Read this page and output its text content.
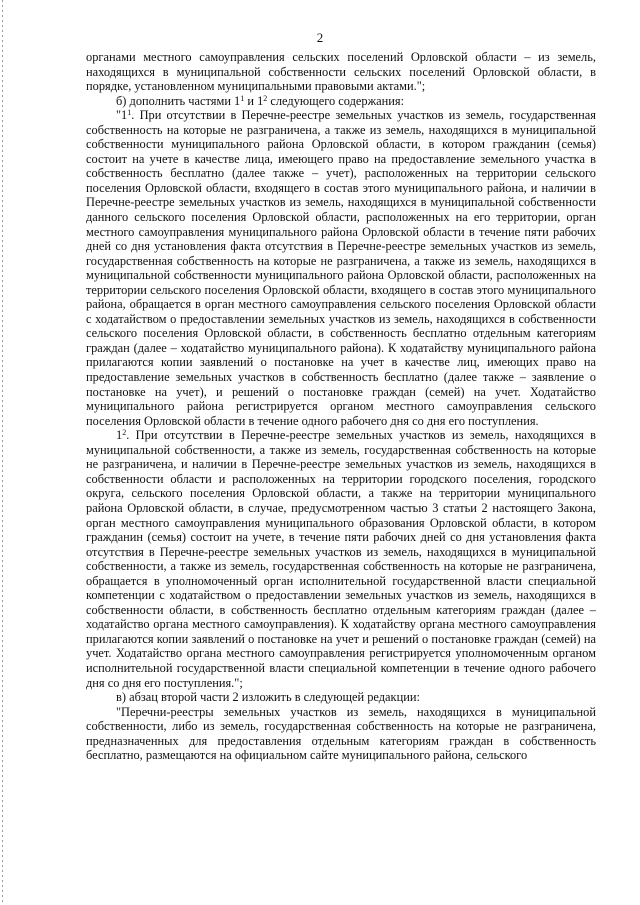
2

органами местного самоуправления сельских поселений Орловской области – из земель, находящихся в муниципальной собственности сельских поселений Орловской области, в порядке, установленном муниципальными правовыми актами.";

б) дополнить частями $1^1$ и $1^2$ следующего содержания:

"$1^1$. При отсутствии в Перечне-реестре земельных участков из земель, государственная собственность на которые не разграничена, а также из земель, находящихся в муниципальной собственности муниципального района Орловской области, в котором гражданин (семья) состоит на учете в качестве лица, имеющего право на предоставление земельного участка в собственность бесплатно (далее также – учет), расположенных на территории сельского поселения Орловской области, входящего в состав этого муниципального района, и наличии в Перечне-реестре земельных участков из земель, находящихся в муниципальной собственности данного сельского поселения Орловской области, расположенных на его территории, орган местного самоуправления муниципального района Орловской области в течение пяти рабочих дней со дня установления факта отсутствия в Перечне-реестре земельных участков из земель, государственная собственность на которые не разграничена, а также из земель, находящихся в муниципальной собственности муниципального района Орловской области, расположенных на территории сельского поселения Орловской области, входящего в состав этого муниципального района, обращается в орган местного самоуправления сельского поселения Орловской области с ходатайством о предоставлении земельных участков из земель, находящихся в собственности сельского поселения Орловской области, в собственность бесплатно отдельным категориям граждан (далее – ходатайство муниципального района). К ходатайству муниципального района прилагаются копии заявлений о постановке на учет в качестве лиц, имеющих право на предоставление земельных участков в собственность бесплатно (далее также – заявление о постановке на учет), и решений о постановке граждан (семей) на учет. Ходатайство муниципального района регистрируется органом местного самоуправления сельского поселения Орловской области в течение одного рабочего дня со дня его поступления.

$1^2$. При отсутствии в Перечне-реестре земельных участков из земель, находящихся в муниципальной собственности, а также из земель, государственная собственность на которые не разграничена, и наличии в Перечне-реестре земельных участков из земель, находящихся в собственности области и расположенных на территории городского поселения, городского округа, сельского поселения Орловской области, а также на территории муниципального района Орловской области, в случае, предусмотренном частью 3 статьи 2 настоящего Закона, орган местного самоуправления муниципального образования Орловской области, в котором гражданин (семья) состоит на учете, в течение пяти рабочих дней со дня установления факта отсутствия в Перечне-реестре земельных участков из земель, находящихся в муниципальной собственности, а также из земель, государственная собственность на которые не разграничена, обращается в уполномоченный орган исполнительной государственной власти специальной компетенции с ходатайством о предоставлении земельных участков из земель, находящихся в собственности области, в собственность бесплатно отдельным категориям граждан (далее – ходатайство органа местного самоуправления). К ходатайству органа местного самоуправления прилагаются копии заявлений о постановке на учет и решений о постановке граждан (семей) на учет. Ходатайство органа местного самоуправления регистрируется уполномоченным органом исполнительной государственной власти специальной компетенции в течение одного рабочего дня со дня его поступления.";

в) абзац второй части 2 изложить в следующей редакции:

"Перечни-реестры земельных участков из земель, находящихся в муниципальной собственности, либо из земель, государственная собственность на которые не разграничена, предназначенных для предоставления отдельным категориям граждан в собственность бесплатно, размещаются на официальном сайте муниципального района, сельского
